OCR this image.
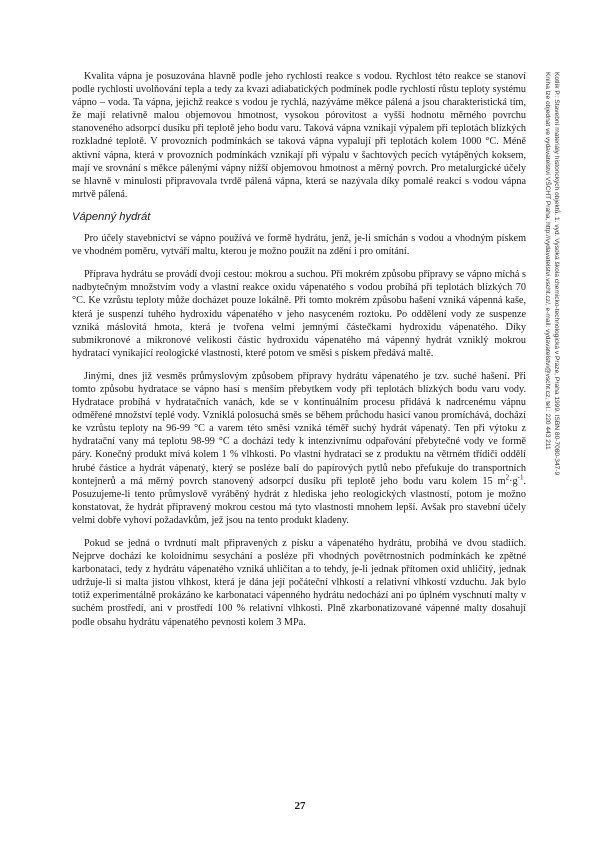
Kotlík P.: Stavební materiály historických objektů. 1. vyd. Vysoká škola chemicko-technologická v Praze, Praha 1999. ISBN 80-7080-347-9
Kniha lze objednat ve vydavatelství VŠCHT Praha, http://vydavatelstvi.vscht.cz/, e-mail: vydavatelstvi@vscht.cz, tel.: 220 443 211

Kvalita vápna je posuzována hlavně podle jeho rychlosti reakce s vodou. Rychlost této reakce se stanoví podle rychlosti uvolňování tepla a tedy za kvazi adiabatických podmínek podle rychlosti růstu teploty systému vápno – voda. Ta vápna, jejichž reakce s vodou je rychlá, nazýváme měkce pálená a jsou charakteristická tím, že mají relativně malou objemovou hmotnost, vysokou pórovitost a vyšší hodnotu měrného povrchu stanoveného adsorpcí dusíku při teplotě jeho bodu varu. Taková vápna vznikají výpalem při teplotách blízkých rozkladné teplotě. V provozních podmínkách se taková vápna vypalují při teplotách kolem 1000 °C. Méně aktivní vápna, která v provozních podmínkách vznikají při výpalu v šachtových pecích vytápěných koksem, mají ve srovnání s měkce pálenými vápny nižší objemovou hmotnost a měrný povrch. Pro metalurgické účely se hlavně v minulosti připravovala tvrdě pálená vápna, která se nazývala díky pomalé reakci s vodou vápna mrtvě pálená.

Vápenný hydrát

Pro účely stavebnictví se vápno používá ve formě hydrátu, jenž, je-li smíchán s vodou a vhodným pískem ve vhodném poměru, vytváří maltu, kterou je možno použít na zdění i pro omítání.

Příprava hydrátu se provádí dvojí cestou: mokrou a suchou. Při mokrém způsobu přípravy se vápno míchá s nadbytečným množstvím vody a vlastní reakce oxidu vápenatého s vodou probíhá při teplotách blízkých 70 °C. Ke vzrůstu teploty může docházet pouze lokálně. Při tomto mokrém způsobu hašení vzniká vápenná kaše, která je suspenzí tuhého hydroxidu vápenatého v jeho nasyceném roztoku. Po oddělení vody ze suspenze vzniká máslovitá hmota, která je tvořena velmi jemnými částečkami hydroxidu vápenatého. Díky submikronové a mikronové velikosti částic hydroxidu vápenatého má vápenný hydrát vzniklý mokrou hydratací vynikající reologické vlastnosti, které potom ve směsi s pískem předává maltě.

Jinými, dnes již vesměs průmyslovým způsobem přípravy hydrátu vápenatého je tzv. suché hašení. Při tomto způsobu hydratace se vápno hasí s menším přebytkem vody při teplotách blízkých bodu varu vody. Hydratace probíhá v hydratačních vanách, kde se v kontinuálním procesu přidává k nadrcenému vápnu odměřené množství teplé vody. Vzniklá polosuchá směs se během průchodu hasicí vanou promíchává, dochází ke vzrůstu teploty na 96-99 °C a varem této směsi vzniká téměř suchý hydrát vápenatý. Ten při výtoku z hydratační vany má teplotu 98-99 °C a dochází tedy k intenzivnímu odpařování přebytečné vody ve formě páry. Konečný produkt mívá kolem 1 % vlhkosti. Po vlastní hydrataci se z produktu na větrném třídiči oddělí hrubé částice a hydrát vápenatý, který se posléze balí do papírových pytlů nebo přefukuje do transportních kontejnerů a má měrný povrch stanovený adsorpcí dusíku při teplotě jeho bodu varu kolem 15 $m^2\cdot g^{-1}$. Posuzujeme-li tento průmyslově vyráběný hydrát z hlediska jeho reologických vlastností, potom je možno konstatovat, že hydrát připravený mokrou cestou má tyto vlastnosti mnohem lepší. Avšak pro stavební účely velmi dobře vyhoví požadavkům, jež jsou na tento produkt kladeny.

Pokud se jedná o tvrdnutí malt připravených z písku a vápenatého hydrátu, probíhá ve dvou stadiích. Nejprve dochází ke koloidnímu sesychání a posléze při vhodných povětrnostních podmínkách ke zpětné karbonataci, tedy z hydrátu vápenatého vzniká uhličitan a to tehdy, je-li jednak přítomen oxid uhličitý, jednak udržuje-li si malta jistou vlhkost, která je dána její počáteční vlhkostí a relativní vlhkostí vzduchu. Jak bylo totiž experimentálně prokázáno ke karbonataci vápenného hydrátu nedochází ani po úplném vyschnutí malty v suchém prostředí, ani v prostředí 100 % relativní vlhkosti. Plně zkarbonatizované vápenné malty dosahují podle obsahu hydrátu vápenatého pevnosti kolem 3 MPa.

27
